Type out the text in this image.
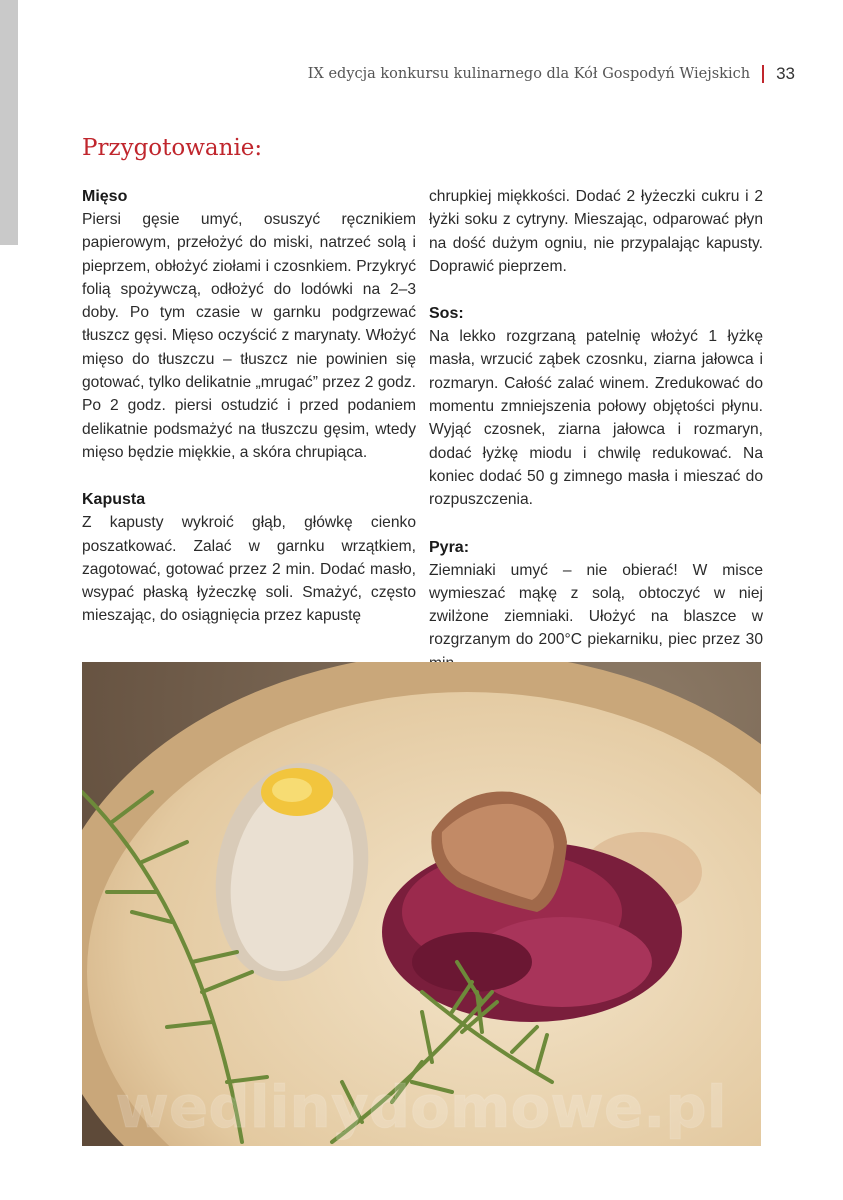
IX edycja konkursu kulinarnego dla Kół Gospodyń Wiejskich 33
Przygotowanie:
Mięso

Piersi gęsie umyć, osuszyć ręcznikiem papierowym, przełożyć do miski, natrzeć solą i pieprzem, obłożyć ziołami i czosnkiem. Przykryć folią spożywczą, odłożyć do lodówki na 2–3 doby. Po tym czasie w garnku podgrzewać tłuszcz gęsi. Mięso oczyścić z marynaty. Włożyć mięso do tłuszczu – tłuszcz nie powinien się gotować, tylko delikatnie „mrugać” przez 2 godz. Po 2 godz. piersi ostudzić i przed podaniem delikatnie podsmażyć na tłuszczu gęsim, wtedy mięso będzie miękkie, a skóra chrupiąca.

Kapusta

Z kapusty wykroić głąb, główkę cienko poszatkować. Zalać w garnku wrzątkiem, zagotować, gotować przez 2 min. Dodać masło, wsypać płaską łyżeczkę soli. Smażyć, często mieszając, do osiągnięcia przez kapustę

chrupkiej miękkości. Dodać 2 łyżeczki cukru i 2 łyżki soku z cytryny. Mieszając, odparować płyn na dość dużym ogniu, nie przypalając kapusty. Doprawić pieprzem.

Sos:

Na lekko rozgrzaną patelnię włożyć 1 łyżkę masła, wrzucić ząbek czosnku, ziarna jałowca i rozmaryn. Całość zalać winem. Zredukować do momentu zmniejszenia połowy objętości płynu. Wyjąć czosnek, ziarna jałowca i rozmaryn, dodać łyżkę miodu i chwilę redukować. Na koniec dodać 50 g zimnego masła i mieszać do rozpuszczenia.

Pyra:

Ziemniaki umyć – nie obierać! W misce wymieszać mąkę z solą, obtoczyć w niej zwilżone ziemniaki. Ułożyć na blaszce w rozgrzanym do 200°C piekarniku, piec przez 30

wedlinydomowe.pl
